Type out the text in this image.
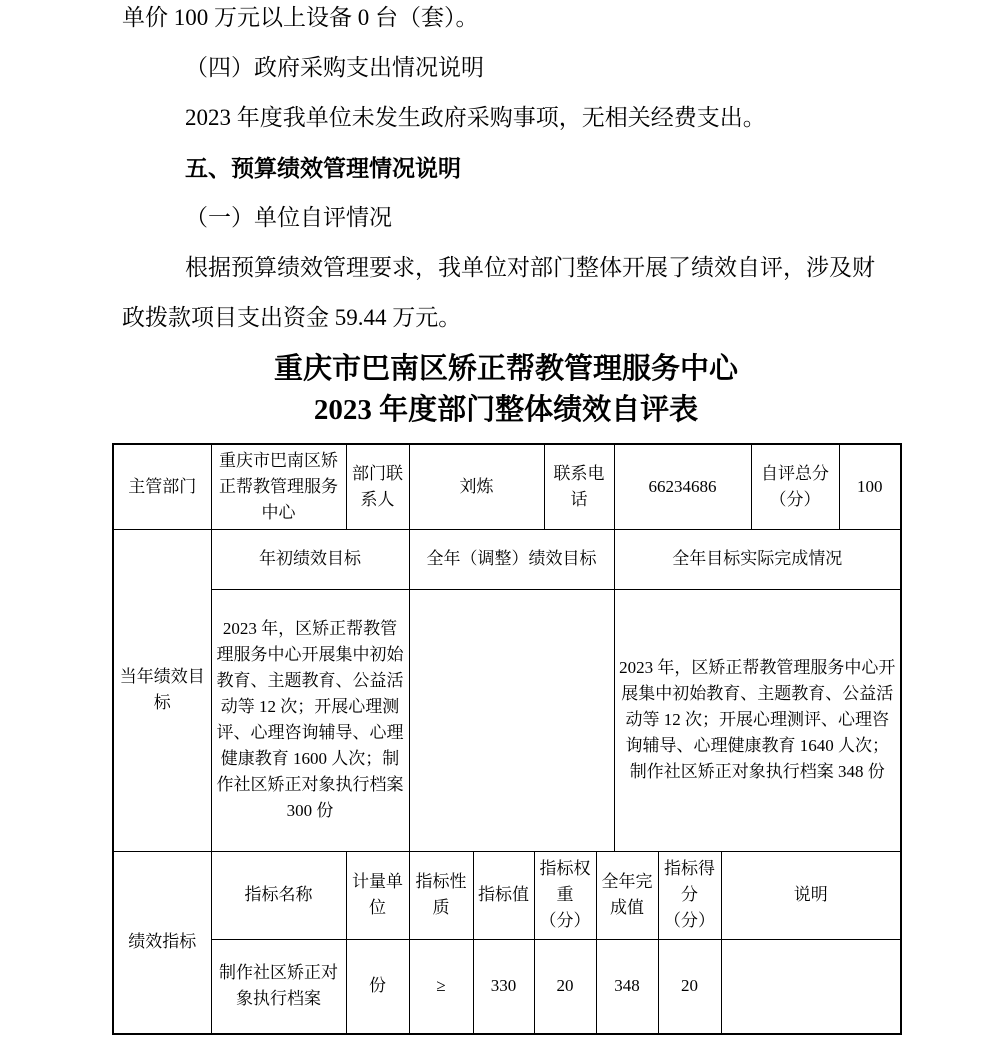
单价 100 万元以上设备 0 台（套）。

（四）政府采购支出情况说明

2023 年度我单位未发生政府采购事项，无相关经费支出。

五、预算绩效管理情况说明

（一）单位自评情况

根据预算绩效管理要求，我单位对部门整体开展了绩效自评，涉及财政拨款项目支出资金 59.44 万元。

重庆市巴南区矫正帮教管理服务中心
2023 年度部门整体绩效自评表
主管部门	重庆市巴南区矫正帮教管理服务中心	部门联系人	刘炼			联系电话		66234686			自评总分（分）	100
当年绩效目标	年初绩效目标		全年（调整）绩效目标					全年目标实际完成情况				
	2023 年，区矫正帮教管理服务中心开展集中初始教育、主题教育、公益活动等 12 次；开展心理测评、心理咨询辅导、心理健康教育 1600 人次；制作社区矫正对象执行档案 300 份							2023 年，区矫正帮教管理服务中心开展集中初始教育、主题教育、公益活动等 12 次；开展心理测评、心理咨询辅导、心理健康教育 1640 人次；制作社区矫正对象执行档案 348 份				
绩效指标	指标名称	计量单位	指标性质	指标值	指标权重（分）		全年完成值		指标得分（分）	说明		
	制作社区矫正对象执行档案	份	≥	330	20		348		20			
